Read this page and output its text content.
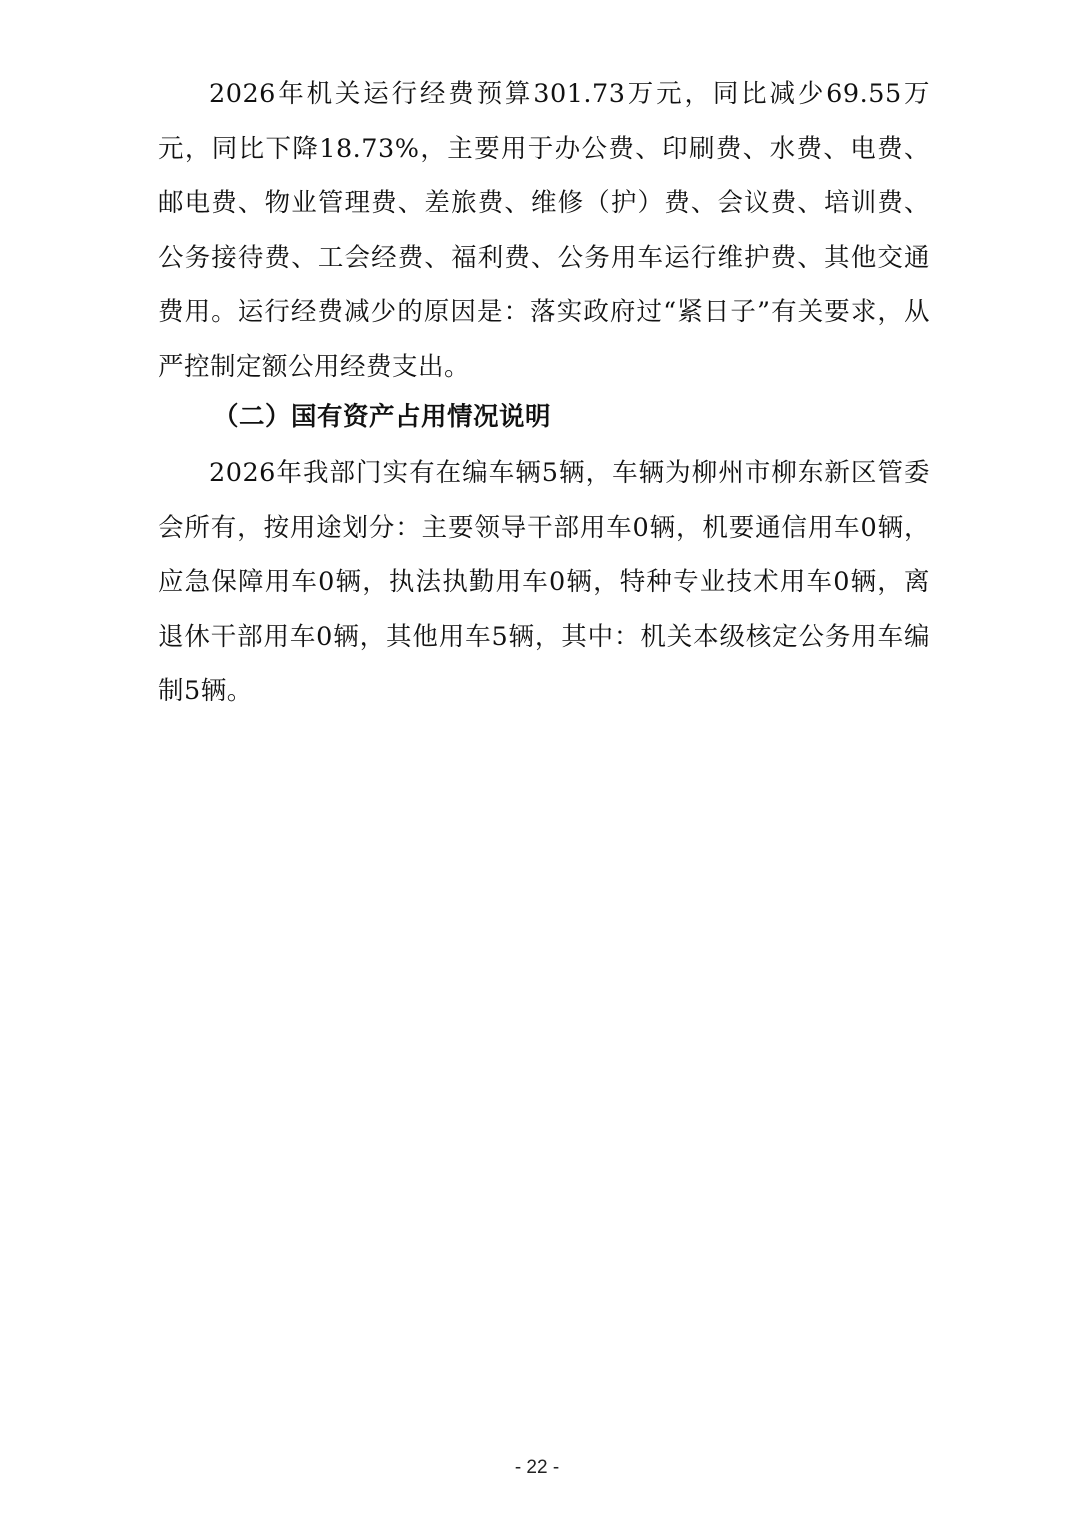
2026年机关运行经费预算301.73万元，同比减少69.55万元，同比下降18.73%，主要用于办公费、印刷费、水费、电费、邮电费、物业管理费、差旅费、维修（护）费、会议费、培训费、公务接待费、工会经费、福利费、公务用车运行维护费、其他交通费用。运行经费减少的原因是：落实政府过“紧日子”有关要求，从严控制定额公用经费支出。

（二）国有资产占用情况说明

2026年我部门实有在编车辆5辆，车辆为柳州市柳东新区管委会所有，按用途划分：主要领导干部用车0辆，机要通信用车0辆，应急保障用车0辆，执法执勤用车0辆，特种专业技术用车0辆，离退休干部用车0辆，其他用车5辆，其中：机关本级核定公务用车编制5辆。

- 22 -
